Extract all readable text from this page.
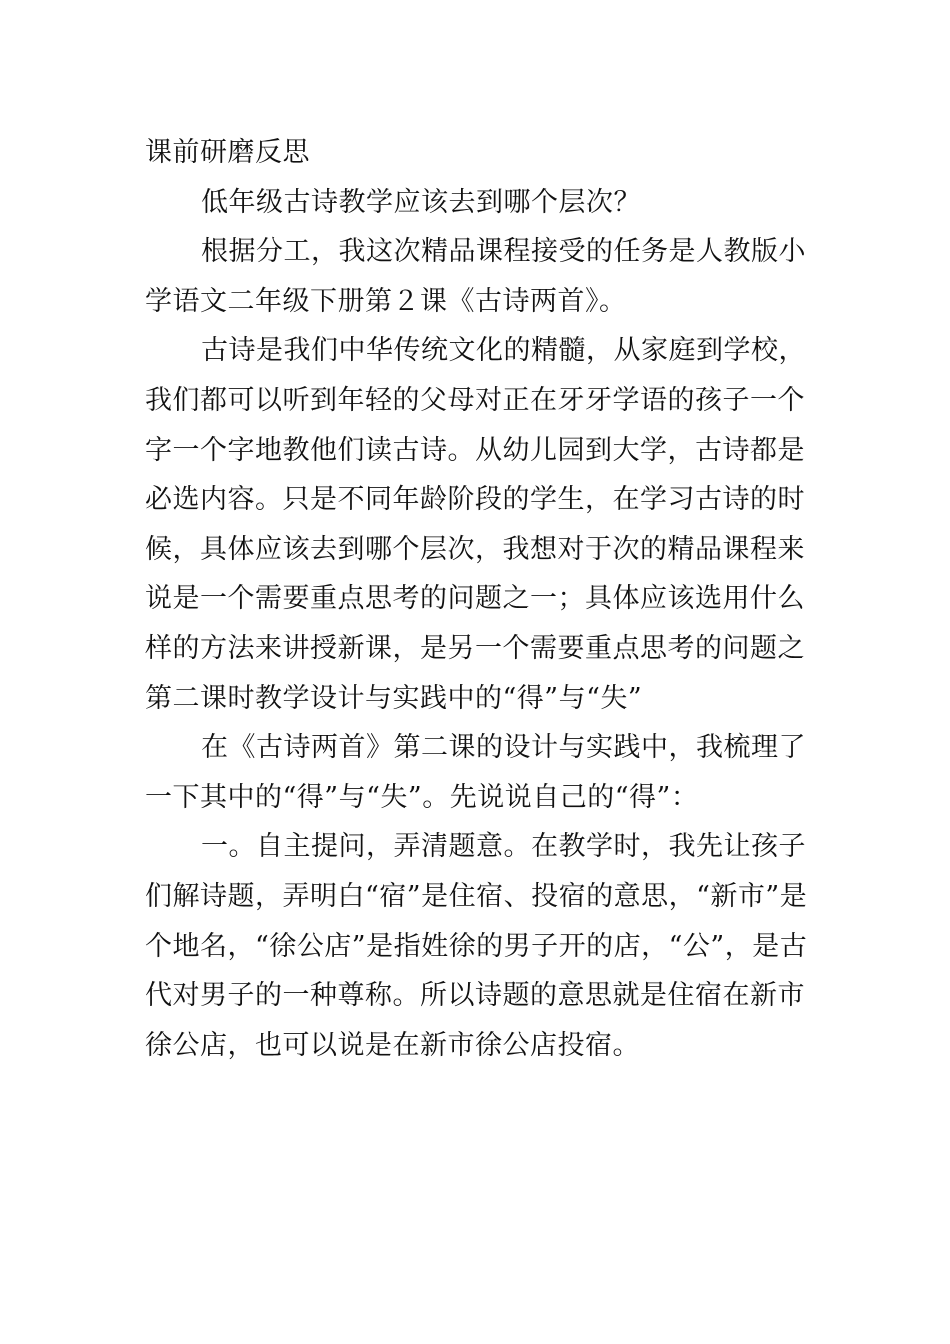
课前研磨反思

低年级古诗教学应该去到哪个层次？

根据分工，我这次精品课程接受的任务是人教版小学语文二年级下册第２课《古诗两首》。

古诗是我们中华传统文化的精髓，从家庭到学校，我们都可以听到年轻的父母对正在牙牙学语的孩子一个字一个字地教他们读古诗。从幼儿园到大学，古诗都是必选内容。只是不同年龄阶段的学生，在学习古诗的时候，具体应该去到哪个层次，我想对于次的精品课程来说是一个需要重点思考的问题之一；具体应该选用什么样的方法来讲授新课，是另一个需要重点思考的问题之

第二课时教学设计与实践中的“得”与“失”

在《古诗两首》第二课的设计与实践中，我梳理了一下其中的“得”与“失”。先说说自己的“得”：

一。自主提问，弄清题意。在教学时，我先让孩子们解诗题，弄明白“宿”是住宿、投宿的意思，“新市”是个地名，“徐公店”是指姓徐的男子开的店，“公”，是古代对男子的一种尊称。所以诗题的意思就是住宿在新市徐公店，也可以说是在新市徐公店投宿。
